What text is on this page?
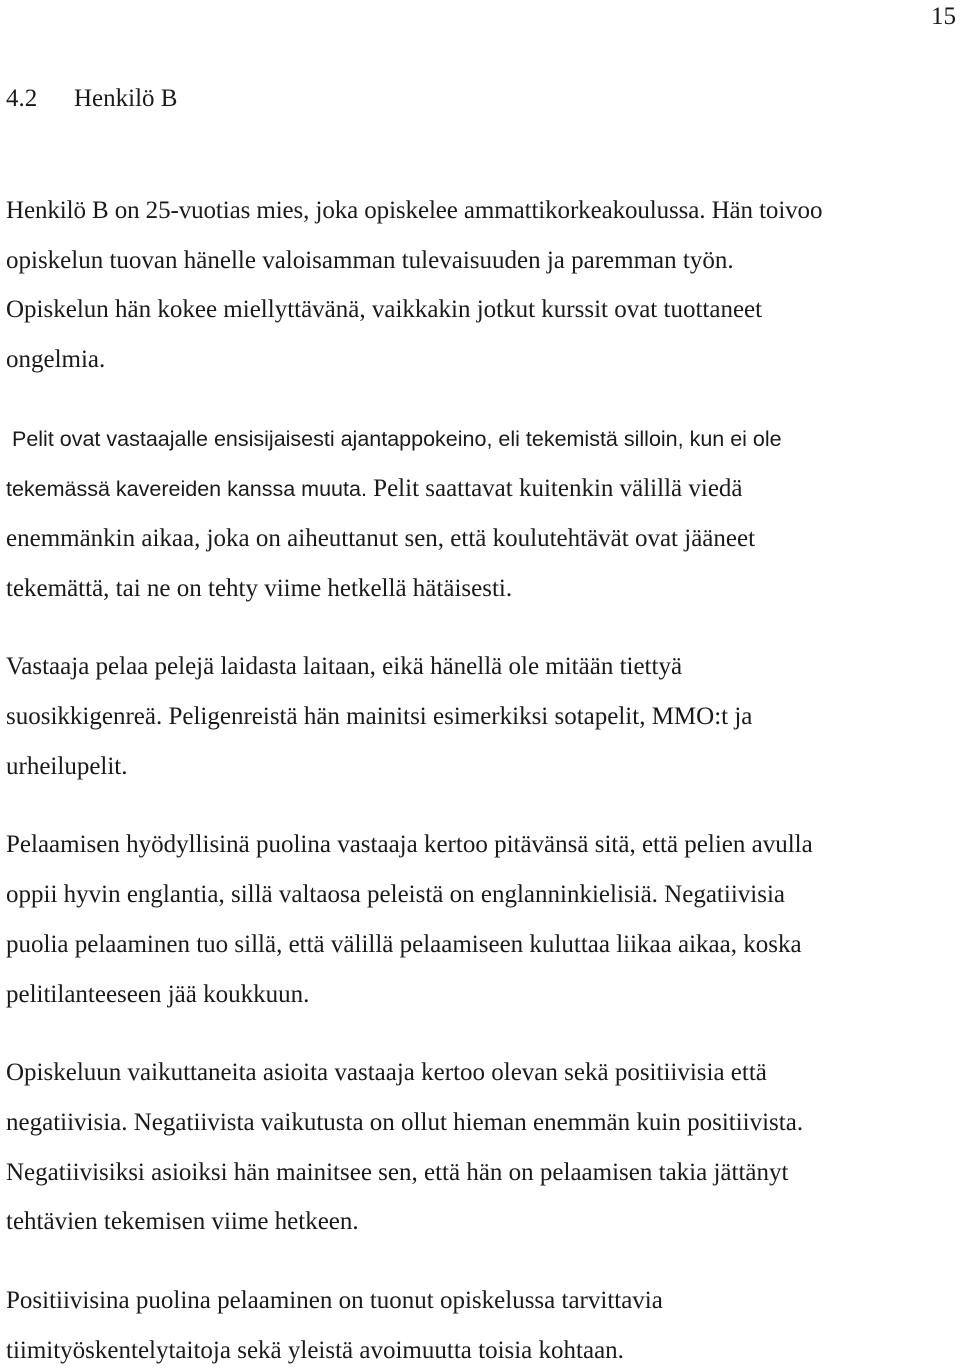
15
4.2 Henkilö B

Henkilö B on 25-vuotias mies, joka opiskelee ammattikorkeakoulussa. Hän toivoo

opiskelun tuovan hänelle valoisamman tulevaisuuden ja paremman työn.

Opiskelun hän kokee miellyttävänä, vaikkakin jotkut kurssit ovat tuottaneet

ongelmia.

Pelit ovat vastaajalle ensisijaisesti ajantappokeino, eli tekemistä silloin, kun ei ole

tekemässä kavereiden kanssa muuta. Pelit saattavat kuitenkin välillä viedä

enemmänkin aikaa, joka on aiheuttanut sen, että koulutehtävät ovat jääneet

tekemättä, tai ne on tehty viime hetkellä hätäisesti.

Vastaaja pelaa pelejä laidasta laitaan, eikä hänellä ole mitään tiettyä

suosikkigenreä. Peligenreistä hän mainitsi esimerkiksi sotapelit, MMO:t ja

urheilupelit.

Pelaamisen hyödyllisinä puolina vastaaja kertoo pitävänsä sitä, että pelien avulla

oppii hyvin englantia, sillä valtaosa peleistä on englanninkielisiä. Negatiivisia

puolia pelaaminen tuo sillä, että välillä pelaamiseen kuluttaa liikaa aikaa, koska

pelitilanteeseen jää koukkuun.

Opiskeluun vaikuttaneita asioita vastaaja kertoo olevan sekä positiivisia että

negatiivisia. Negatiivista vaikutusta on ollut hieman enemmän kuin positiivista.

Negatiivisiksi asioiksi hän mainitsee sen, että hän on pelaamisen takia jättänyt

tehtävien tekemisen viime hetkeen.

Positiivisina puolina pelaaminen on tuonut opiskelussa tarvittavia

tiimityöskentelytaitoja sekä yleistä avoimuutta toisia kohtaan.
